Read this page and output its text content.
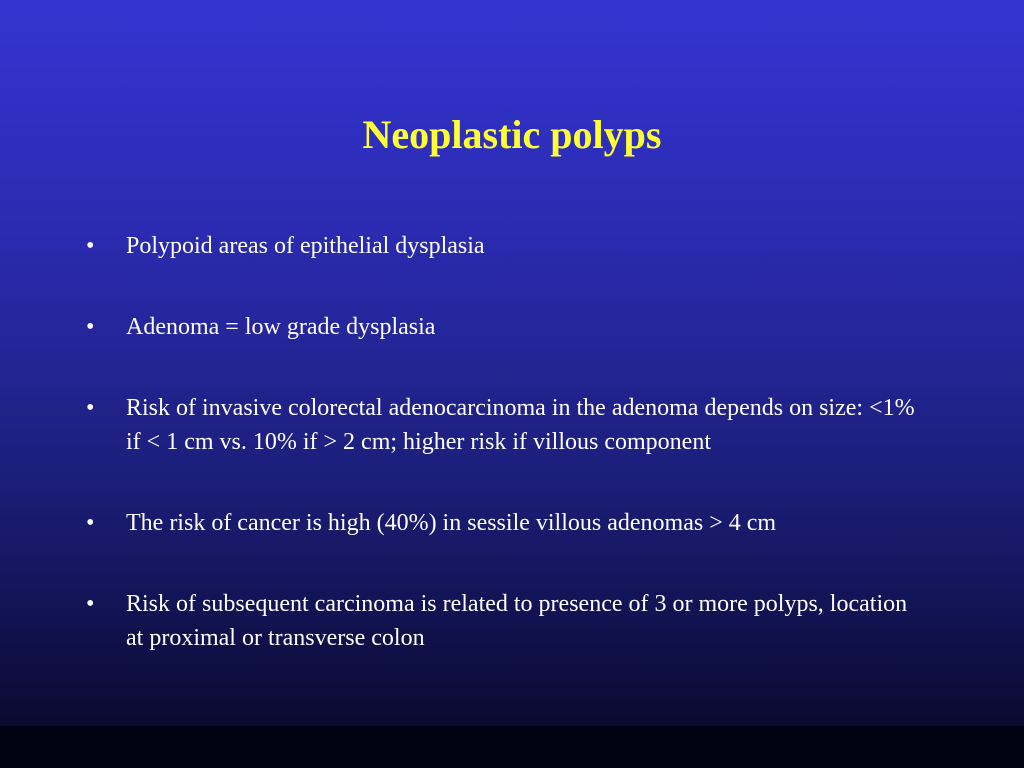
Neoplastic polyps
•	Polypoid areas of epithelial dysplasia
•	Adenoma = low grade dysplasia
•	Risk of invasive colorectal adenocarcinoma in the adenoma depends on size: <1% if < 1 cm vs. 10% if > 2 cm; higher risk if villous component
•	The risk of cancer is high (40%) in sessile villous adenomas > 4 cm
•	Risk of subsequent carcinoma is related to presence of 3 or more polyps, location at proximal or transverse colon
